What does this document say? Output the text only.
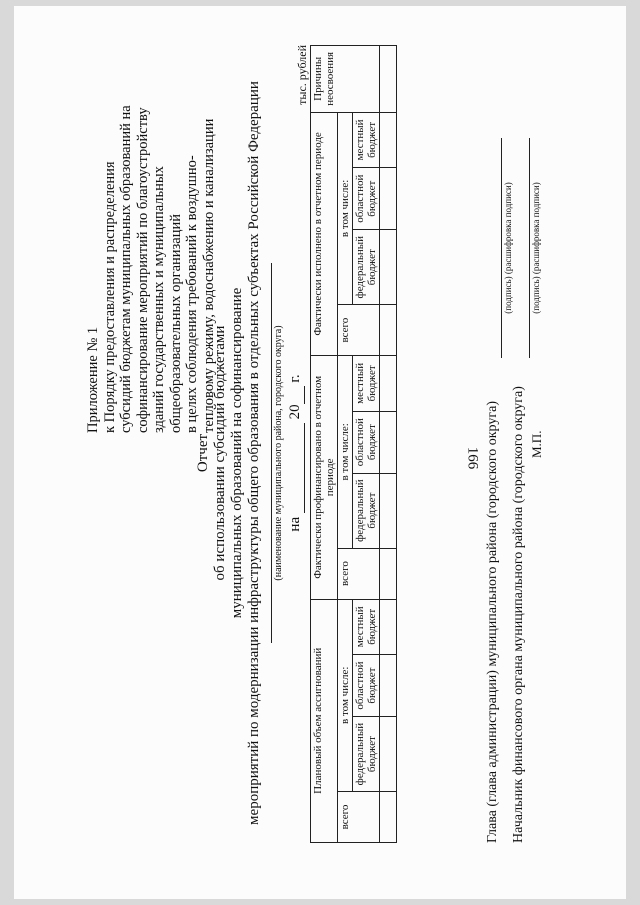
166
Приложение № 1 к Порядку предоставления и распределения субсидий бюджетам муниципальных образований на софинансирование мероприятий по благоустройству зданий государственных и муниципальных общеобразовательных организаций в целях соблюдения требований к воздушно- тепловому режиму, водоснабжению и канализации
Отчет об использовании субсидий бюджетами муниципальных образований на софинансирование мероприятий по модернизации инфраструктуры общего образования в отдельных субъектах Российской Федерации (наименование муниципального района, городского округа) на   20  г.
тыс. рублей
Плановый объем ассигнований				Фактически профинансировано в отчетном периоде				Фактически исполнено в отчетном периоде				Причины неосвоения
всего	в том числе:			всего	в том числе:			всего	в том числе:			
	федеральный бюджет	областной бюджет	местный бюджет		федеральный бюджет	областной бюджет	местный бюджет		федеральный бюджет	областной бюджет	местный бюджет	

Глава (глава администрации) муниципального района (городского округа)
(подпись) (расшифровка подписи)
Начальник финансового органа муниципального района (городского округа)
(подпись) (расшифровка подписи)
М.П.
